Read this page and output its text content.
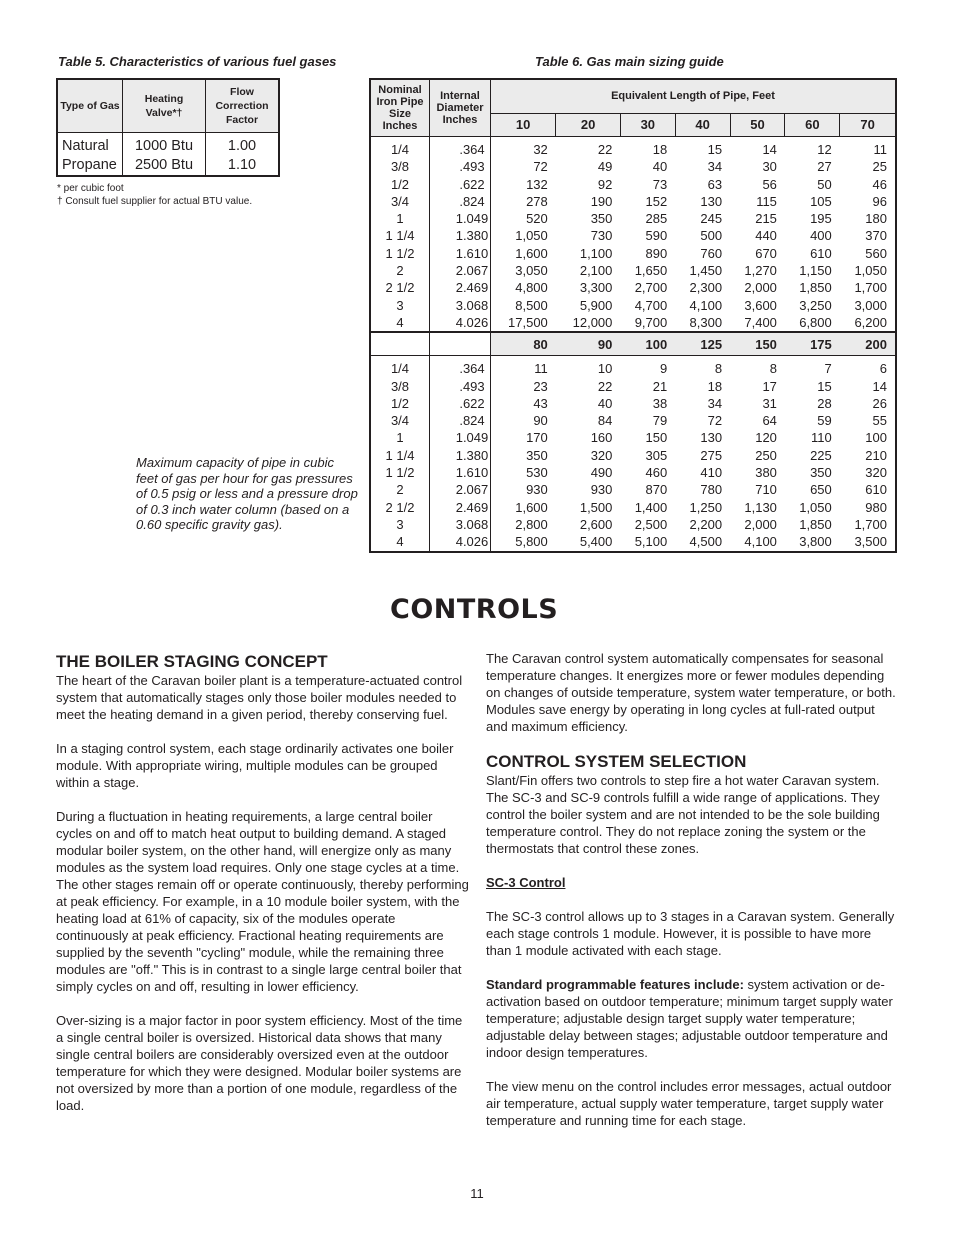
Table 5. Characteristics of various fuel gases
Type of Gas	Heating Valve*†	Flow Correction Factor
Natural	1000 Btu	1.00
Propane	2500 Btu	1.10
* per cubic foot
† Consult fuel supplier for actual BTU value.
Table 6. Gas main sizing guide
Nominal Iron Pipe Size Inches	Internal Diameter Inches	Equivalent Length of Pipe, Feet						
		10	20	30	40	50	60	70

1/4	.364	32	22	18	15	14	12	11
3/8	.493	72	49	40	34	30	27	25
1/2	.622	132	92	73	63	56	50	46
3/4	.824	278	190	152	130	115	105	96
1	1.049	520	350	285	245	215	195	180
1 1/4	1.380	1,050	730	590	500	440	400	370
1 1/2	1.610	1,600	1,100	890	760	670	610	560
2	2.067	3,050	2,100	1,650	1,450	1,270	1,150	1,050
2 1/2	2.469	4,800	3,300	2,700	2,300	2,000	1,850	1,700
3	3.068	8,500	5,900	4,700	4,100	3,600	3,250	3,000
4	4.026	17,500	12,000	9,700	8,300	7,400	6,800	6,200
		80	90	100	125	150	175	200

1/4	.364	11	10	9	8	8	7	6
3/8	.493	23	22	21	18	17	15	14
1/2	.622	43	40	38	34	31	28	26
3/4	.824	90	84	79	72	64	59	55
1	1.049	170	160	150	130	120	110	100
1 1/4	1.380	350	320	305	275	250	225	210
1 1/2	1.610	530	490	460	410	380	350	320
2	2.067	930	930	870	780	710	650	610
2 1/2	2.469	1,600	1,500	1,400	1,250	1,130	1,050	980
3	3.068	2,800	2,600	2,500	2,200	2,000	1,850	1,700
4	4.026	5,800	5,400	5,100	4,500	4,100	3,800	3,500
Maximum capacity of pipe in cubic feet of gas per hour for gas pressures of 0.5 psig or less and a pressure drop of 0.3 inch water column (based on a 0.60 specific gravity gas).
CONTROLS
THE BOILER STAGING CONCEPT

The heart of the Caravan boiler plant is a temperature-actuated control system that automatically stages only those boiler modules needed to meet the heating demand in a given period, thereby conserving fuel.

In a staging control system, each stage ordinarily activates one boiler module. With appropriate wiring, multiple modules can be grouped within a stage.

During a fluctuation in heating requirements, a large central boiler cycles on and off to match heat output to building demand. A staged modular boiler system, on the other hand, will energize only as many modules as the system load requires. Only one stage cycles at a time. The other stages remain off or operate continuously, thereby performing at peak efficiency. For example, in a 10 module boiler system, with the heating load at 61% of capacity, six of the modules operate continuously at peak efficiency. Fractional heating requirements are supplied by the seventh "cycling" module, while the remaining three modules are "off." This is in contrast to a single large central boiler that simply cycles on and off, resulting in lower efficiency.

Over-sizing is a major factor in poor system efficiency. Most of the time a single central boiler is oversized. Historical data shows that many single central boilers are considerably oversized even at the outdoor temperature for which they were designed. Modular boiler systems are not oversized by more than a portion of one module, regardless of the load.

The Caravan control system automatically compensates for seasonal temperature changes. It energizes more or fewer modules depending on changes of outside temperature, system water temperature, or both. Modules save energy by operating in long cycles at full-rated output and maximum efficiency.

CONTROL SYSTEM SELECTION

Slant/Fin offers two controls to step fire a hot water Caravan system. The SC-3 and SC-9 controls fulfill a wide range of applications. They control the boiler system and are not intended to be the sole building temperature control. They do not replace zoning the system or the thermostats that control these zones.

SC-3 Control

The SC-3 control allows up to 3 stages in a Caravan system. Generally each stage controls 1 module. However, it is possible to have more than 1 module activated with each stage.

Standard programmable features include: system activation or de-activation based on outdoor temperature; minimum target supply water temperature; adjustable design target supply water temperature; adjustable delay between stages; adjustable outdoor temperature and indoor design temperatures.

The view menu on the control includes error messages, actual outdoor air temperature, actual supply water temperature, target supply water temperature and running time for each stage.

11
